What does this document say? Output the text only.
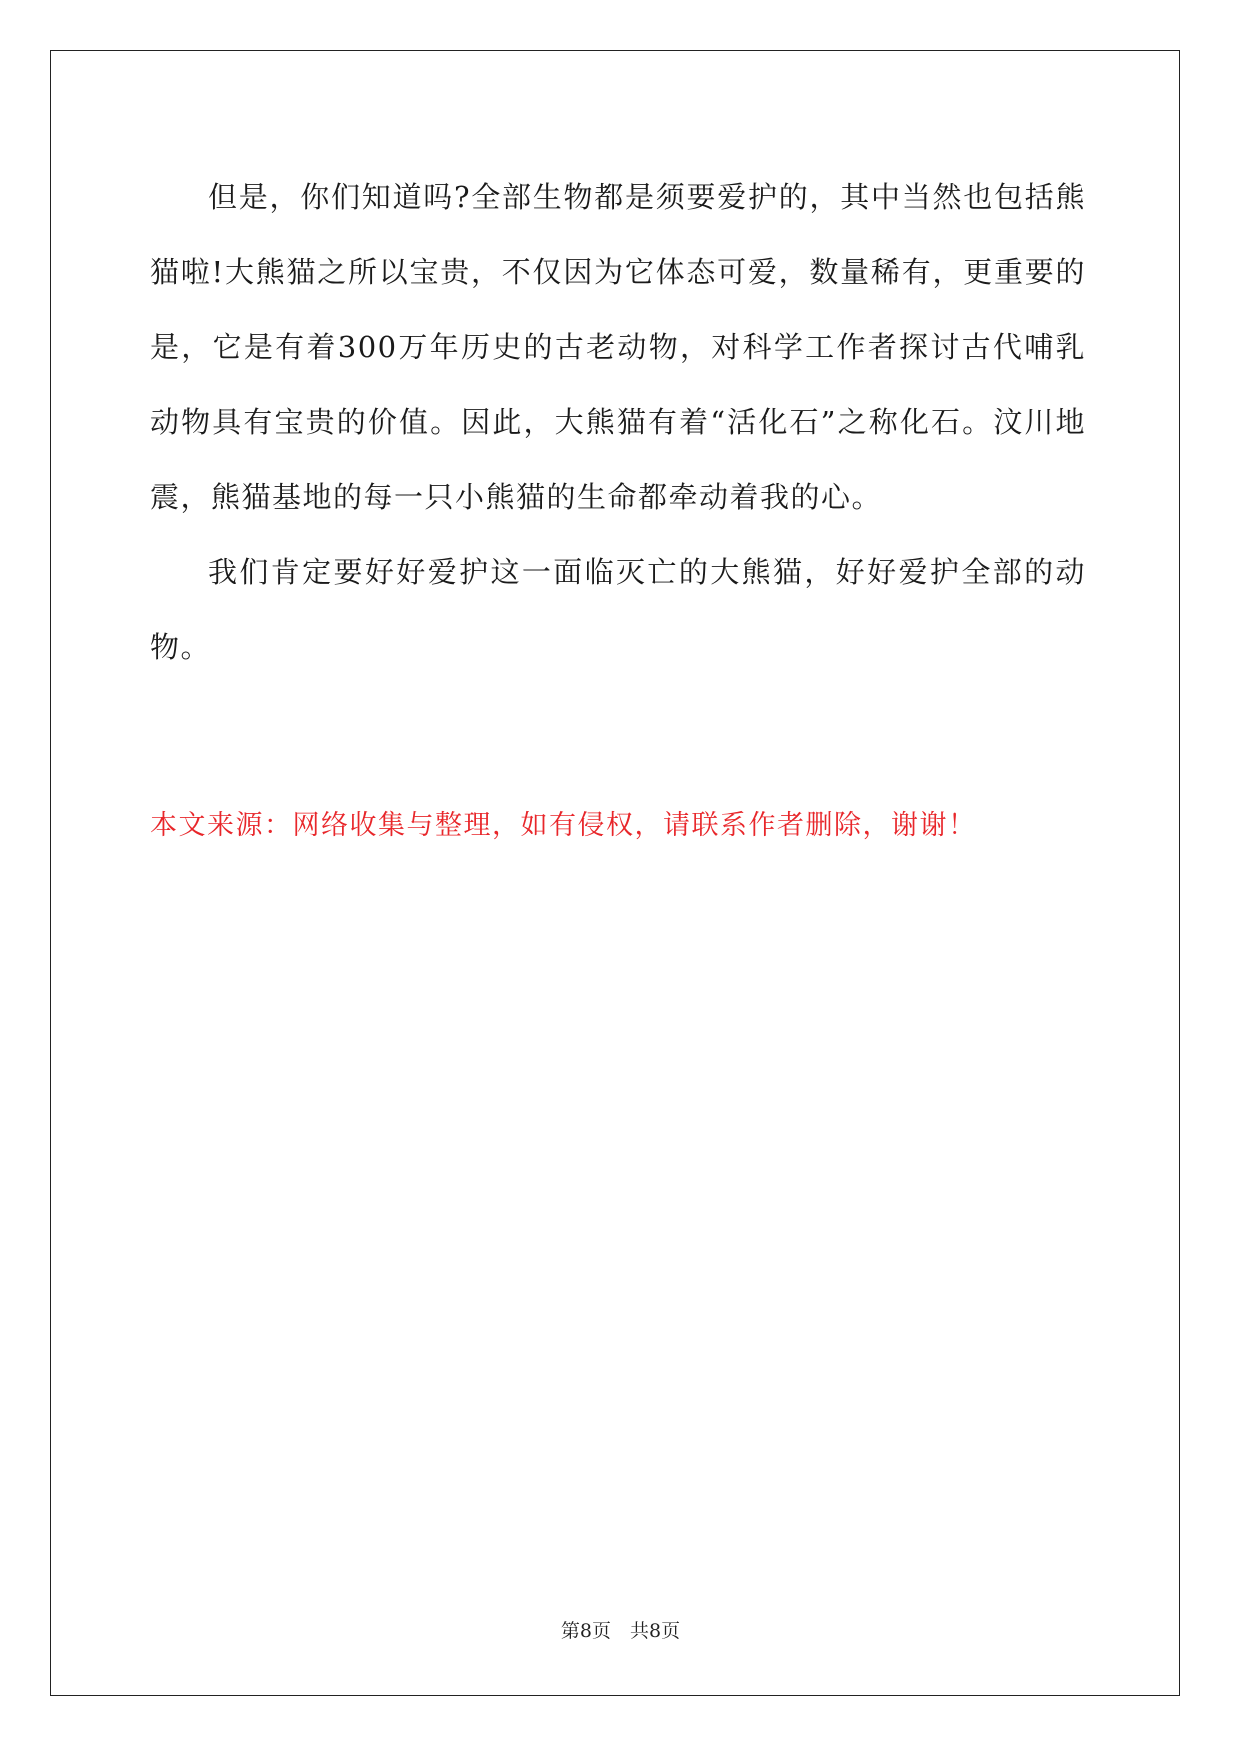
但是，你们知道吗?全部生物都是须要爱护的，其中当然也包括熊猫啦!大熊猫之所以宝贵，不仅因为它体态可爱，数量稀有，更重要的是，它是有着300万年历史的古老动物，对科学工作者探讨古代哺乳动物具有宝贵的价值。因此，大熊猫有着“活化石”之称化石。汶川地震，熊猫基地的每一只小熊猫的生命都牵动着我的心。

我们肯定要好好爱护这一面临灭亡的大熊猫，好好爱护全部的动物。

本文来源：网络收集与整理，如有侵权，请联系作者删除，谢谢！

第8页　共8页
